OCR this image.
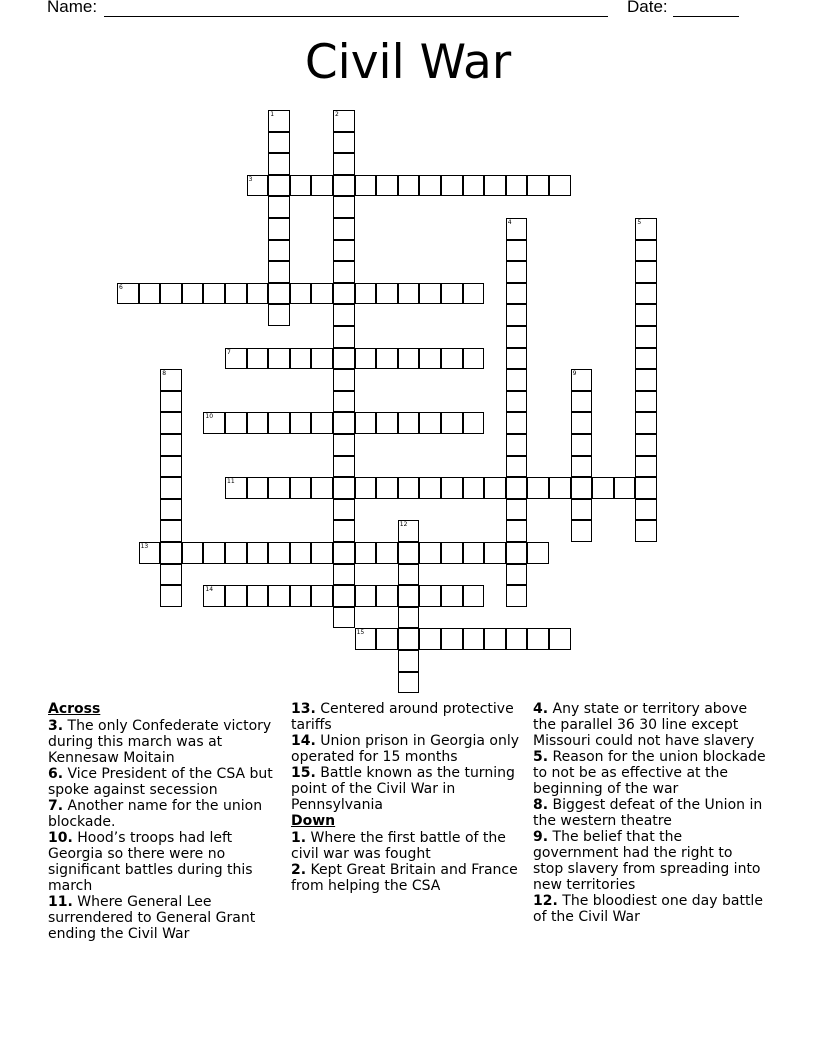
Name:	Date:
Civil War
1	2
3
4	5
6
7
8	9
10
11
12
13
14
15
Across
3. The only Confederate victory during this march was at Kennesaw Moitain
6. Vice President of the CSA but spoke against secession
7. Another name for the union blockade.
10. Hood’s troops had left Georgia so there were no significant battles during this march
11. Where General Lee surrendered to General Grant ending the Civil War
13. Centered around protective tariffs
14. Union prison in Georgia only operated for 15 months
15. Battle known as the turning point of the Civil War in Pennsylvania
Down
1. Where the first battle of the civil war was fought
2. Kept Great Britain and France from helping the CSA
4. Any state or territory above the parallel 36 30 line except Missouri could not have slavery
5. Reason for the union blockade to not be as effective at the beginning of the war
8. Biggest defeat of the Union in the western theatre
9. The belief that the government had the right to stop slavery from spreading into new territories
12. The bloodiest one day battle of the Civil War
